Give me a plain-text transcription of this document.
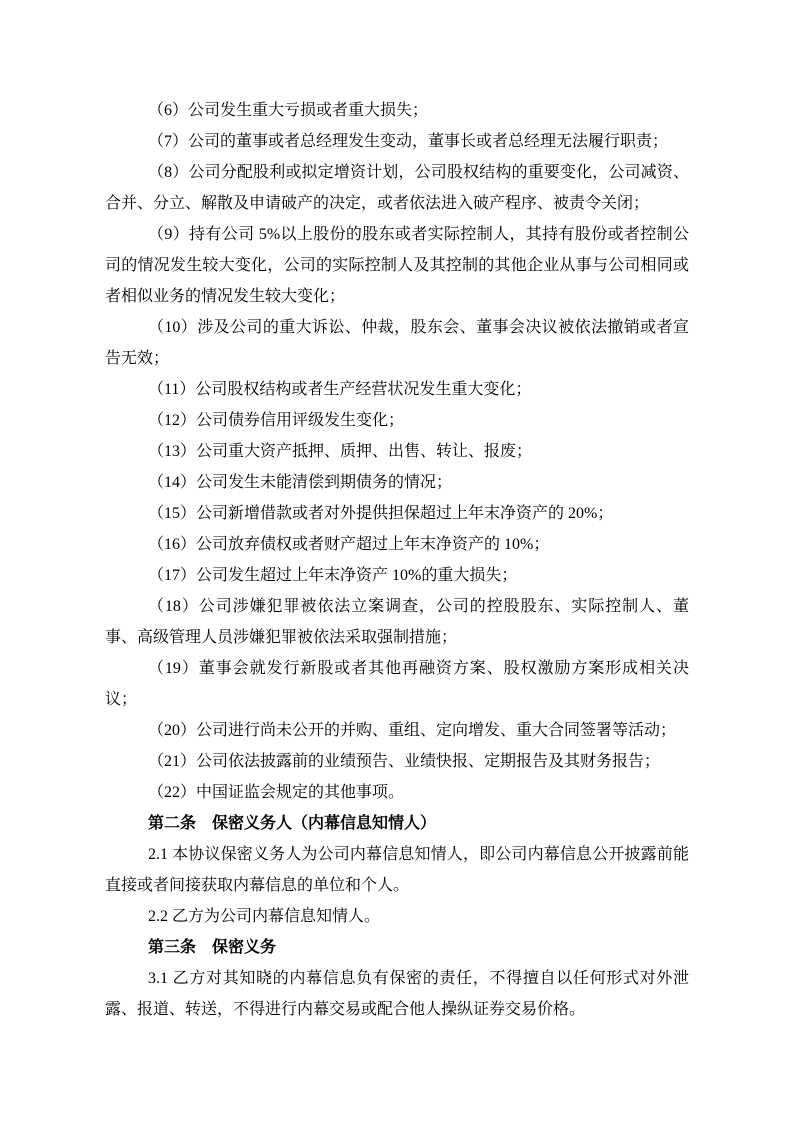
（6）公司发生重大亏损或者重大损失；

（7）公司的董事或者总经理发生变动，董事长或者总经理无法履行职责；

（8）公司分配股利或拟定增资计划，公司股权结构的重要变化，公司减资、合并、分立、解散及申请破产的决定，或者依法进入破产程序、被责令关闭；

（9）持有公司 5%以上股份的股东或者实际控制人，其持有股份或者控制公司的情况发生较大变化，公司的实际控制人及其控制的其他企业从事与公司相同或者相似业务的情况发生较大变化；

（10）涉及公司的重大诉讼、仲裁，股东会、董事会决议被依法撤销或者宣告无效；

（11）公司股权结构或者生产经营状况发生重大变化；

（12）公司债券信用评级发生变化；

（13）公司重大资产抵押、质押、出售、转让、报废；

（14）公司发生未能清偿到期债务的情况；

（15）公司新增借款或者对外提供担保超过上年末净资产的 20%；

（16）公司放弃债权或者财产超过上年末净资产的 10%；

（17）公司发生超过上年末净资产 10%的重大损失；

（18）公司涉嫌犯罪被依法立案调查，公司的控股股东、实际控制人、董事、高级管理人员涉嫌犯罪被依法采取强制措施；

（19）董事会就发行新股或者其他再融资方案、股权激励方案形成相关决议；

（20）公司进行尚未公开的并购、重组、定向增发、重大合同签署等活动；

（21）公司依法披露前的业绩预告、业绩快报、定期报告及其财务报告；

（22）中国证监会规定的其他事项。

第二条　保密义务人（内幕信息知情人）

2.1 本协议保密义务人为公司内幕信息知情人，即公司内幕信息公开披露前能直接或者间接获取内幕信息的单位和个人。

2.2 乙方为公司内幕信息知情人。

第三条　保密义务

3.1 乙方对其知晓的内幕信息负有保密的责任，不得擅自以任何形式对外泄露、报道、转送，不得进行内幕交易或配合他人操纵证券交易价格。
